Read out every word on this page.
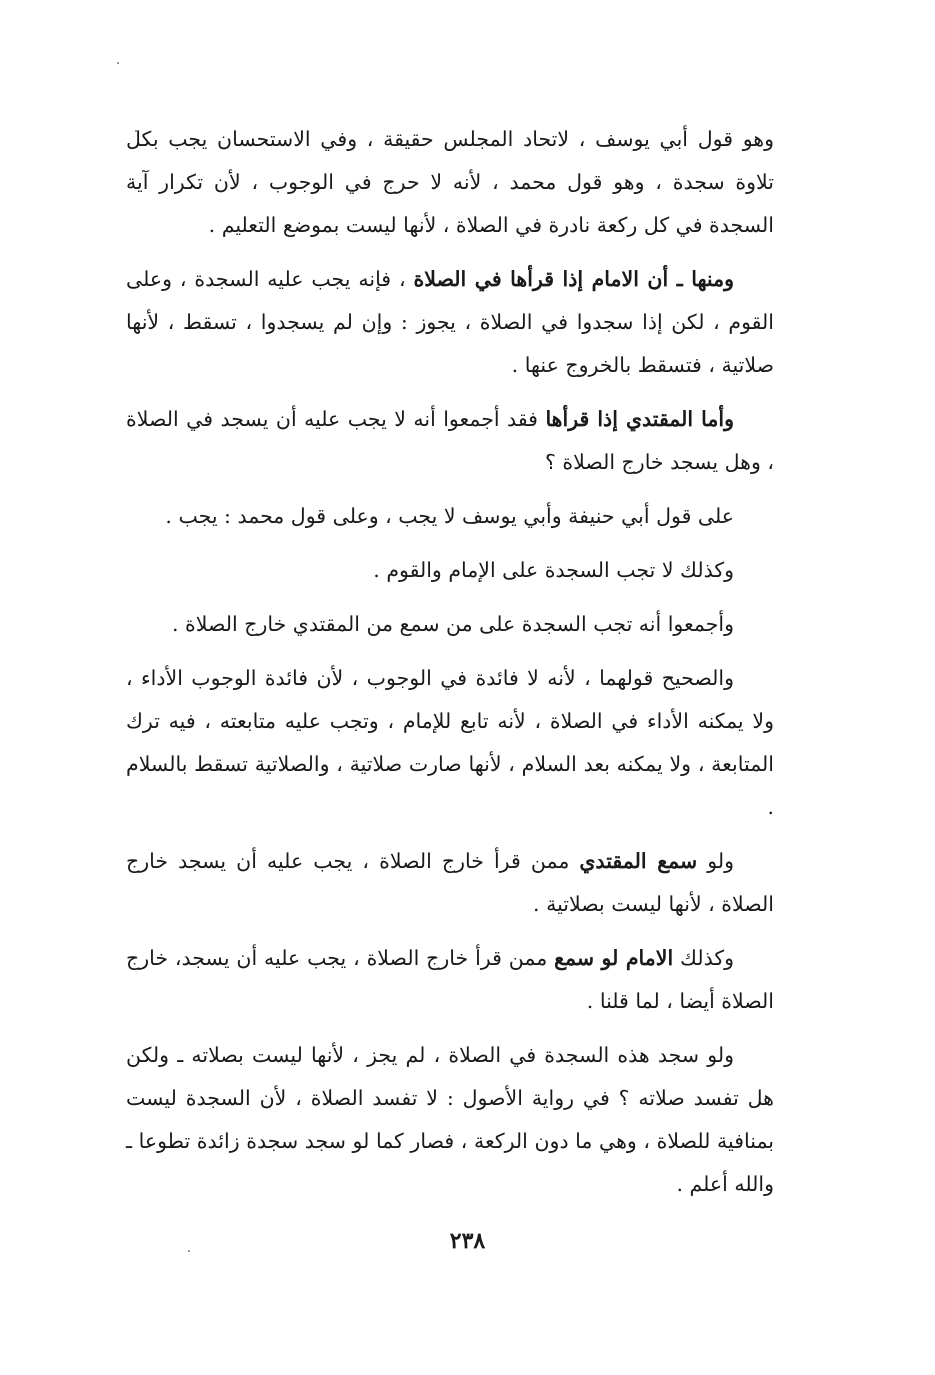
وهو قول أبي يوسف ، لاتحاد المجلس حقيقة ، وفي الاستحسان يجب بكل تلاوة سجدة ، وهو قول محمد ، لأنه لا حرج في الوجوب ، لأن تكرار آية السجدة في كل ركعة نادرة في الصلاة ، لأنها ليست بموضع التعليم .

ومنها ـ أن الامام إذا قرأها في الصلاة ، فإنه يجب عليه السجدة ، وعلى القوم ، لكن إذا سجدوا في الصلاة ، يجوز : وإن لم يسجدوا ، تسقط ، لأنها صلاتية ، فتسقط بالخروج عنها .

وأما المقتدي إذا قرأها فقد أجمعوا أنه لا يجب عليه أن يسجد في الصلاة ، وهل يسجد خارج الصلاة ؟

على قول أبي حنيفة وأبي يوسف لا يجب ، وعلى قول محمد : يجب .

وكذلك لا تجب السجدة على الإمام والقوم .

وأجمعوا أنه تجب السجدة على من سمع من المقتدي خارج الصلاة .

والصحيح قولهما ، لأنه لا فائدة في الوجوب ، لأن فائدة الوجوب الأداء ، ولا يمكنه الأداء في الصلاة ، لأنه تابع للإمام ، وتجب عليه متابعته ، فيه ترك المتابعة ، ولا يمكنه بعد السلام ، لأنها صارت صلاتية ، والصلاتية تسقط بالسلام .

ولو سمع المقتدي ممن قرأ خارج الصلاة ، يجب عليه أن يسجد خارج الصلاة ، لأنها ليست بصلاتية .

وكذلك الامام لو سمع ممن قرأ خارج الصلاة ، يجب عليه أن يسجد، خارج الصلاة أيضا ، لما قلنا .

ولو سجد هذه السجدة في الصلاة ، لم يجز ، لأنها ليست بصلاته ـ ولكن هل تفسد صلاته ؟ في رواية الأصول : لا تفسد الصلاة ، لأن السجدة ليست بمنافية للصلاة ، وهي ما دون الركعة ، فصار كما لو سجد سجدة زائدة تطوعا ـ والله أعلم .

٢٣٨
